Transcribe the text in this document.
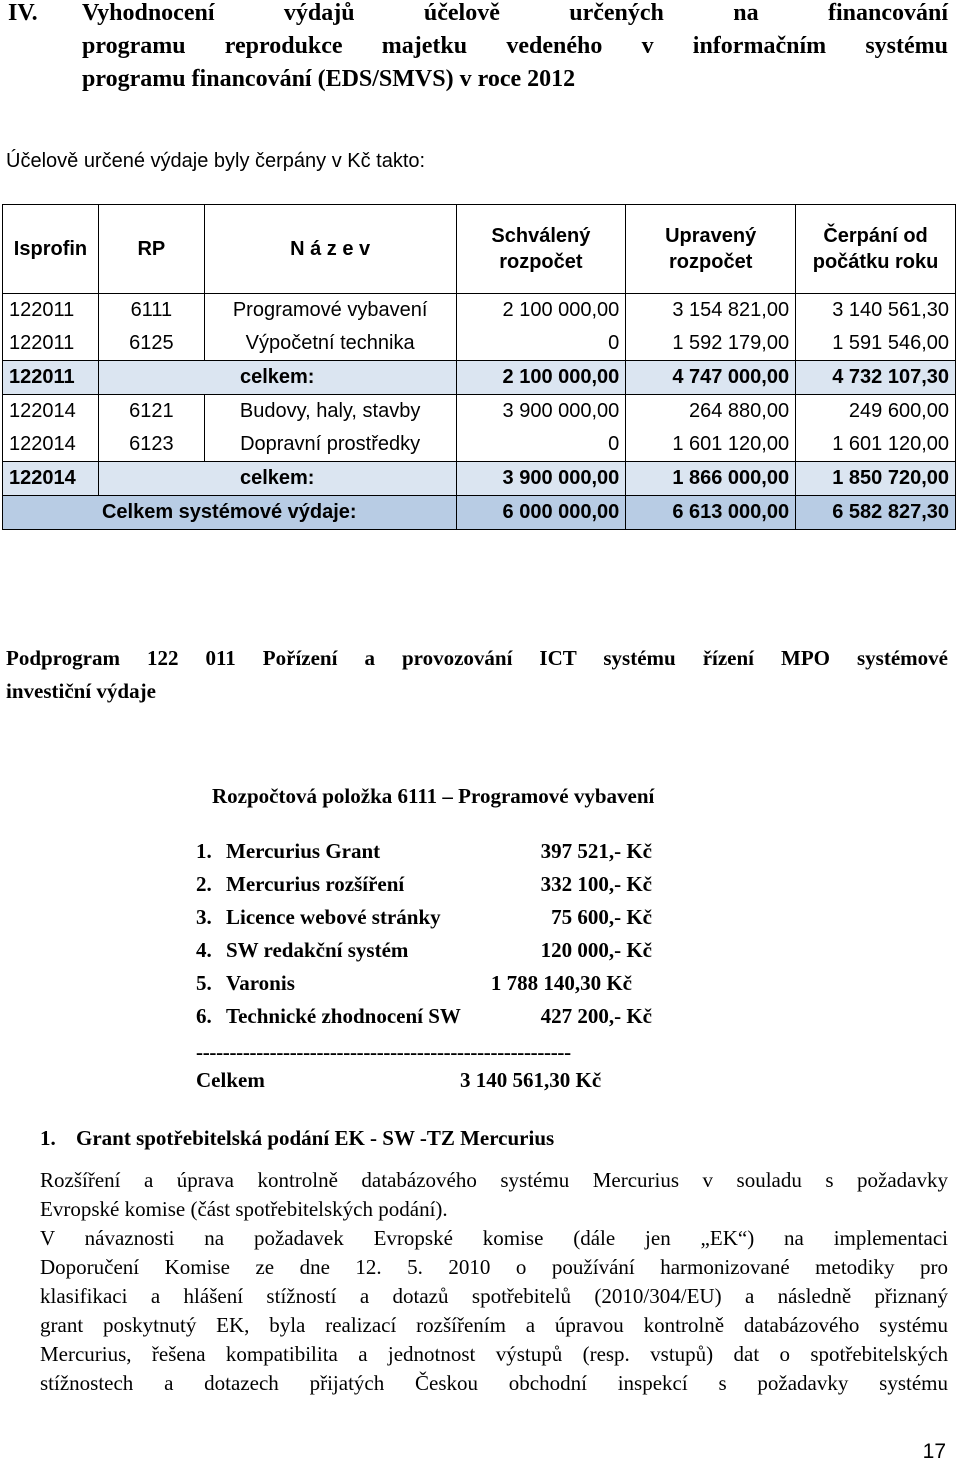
IV. Vyhodnocení výdajů účelově určených na financování
programu reprodukce majetku vedeného v informačním systému
programu financování (EDS/SMVS) v roce 2012
Účelově určené výdaje byly čerpány v Kč takto:
Isprofin	RP	N á z e v	Schválený rozpočet	Upravený rozpočet	Čerpání od počátku roku
122011	6111	Programové vybavení	2 100 000,00	3 154 821,00	3 140 561,30
122011	6125	Výpočetní technika	0	1 592 179,00	1 591 546,00
122011	celkem:		2 100 000,00	4 747 000,00	4 732 107,30
122014	6121	Budovy, haly, stavby	3 900 000,00	264 880,00	249 600,00
122014	6123	Dopravní prostředky	0	1 601 120,00	1 601 120,00
122014	celkem:		3 900 000,00	1 866 000,00	1 850 720,00
Celkem systémové výdaje:			6 000 000,00	6 613 000,00	6 582 827,30
Podprogram 122 011 Pořízení a provozování ICT systému řízení MPO systémové
investiční výdaje
Rozpočtová položka 6111 – Programové vybavení
1. Mercurius Grant	397 521,- Kč
2. Mercurius rozšíření	332 100,- Kč
3. Licence webové stránky	75 600,- Kč
4. SW redakční systém	120 000,- Kč
5. Varonis	1 788 140,30 Kč
6. Technické zhodnocení SW	427 200,- Kč
--------------------------------------------------------
Celkem	3 140 561,30 Kč
1. Grant spotřebitelská podání EK - SW -TZ Mercurius
Rozšíření a úprava kontrolně databázového systému Mercurius v souladu s požadavky
Evropské komise (část spotřebitelských podání).
V návaznosti na požadavek Evropské komise (dále jen „EK“) na implementaci
Doporučení Komise ze dne 12. 5. 2010 o používání harmonizované metodiky pro
klasifikaci a hlášení stížností a dotazů spotřebitelů (2010/304/EU) a následně přiznaný
grant poskytnutý EK, byla realizací rozšířením a úpravou kontrolně databázového systému
Mercurius, řešena kompatibilita a jednotnost výstupů (resp. vstupů) dat o spotřebitelských
stížnostech a dotazech přijatých Českou obchodní inspekcí s požadavky systému
17
